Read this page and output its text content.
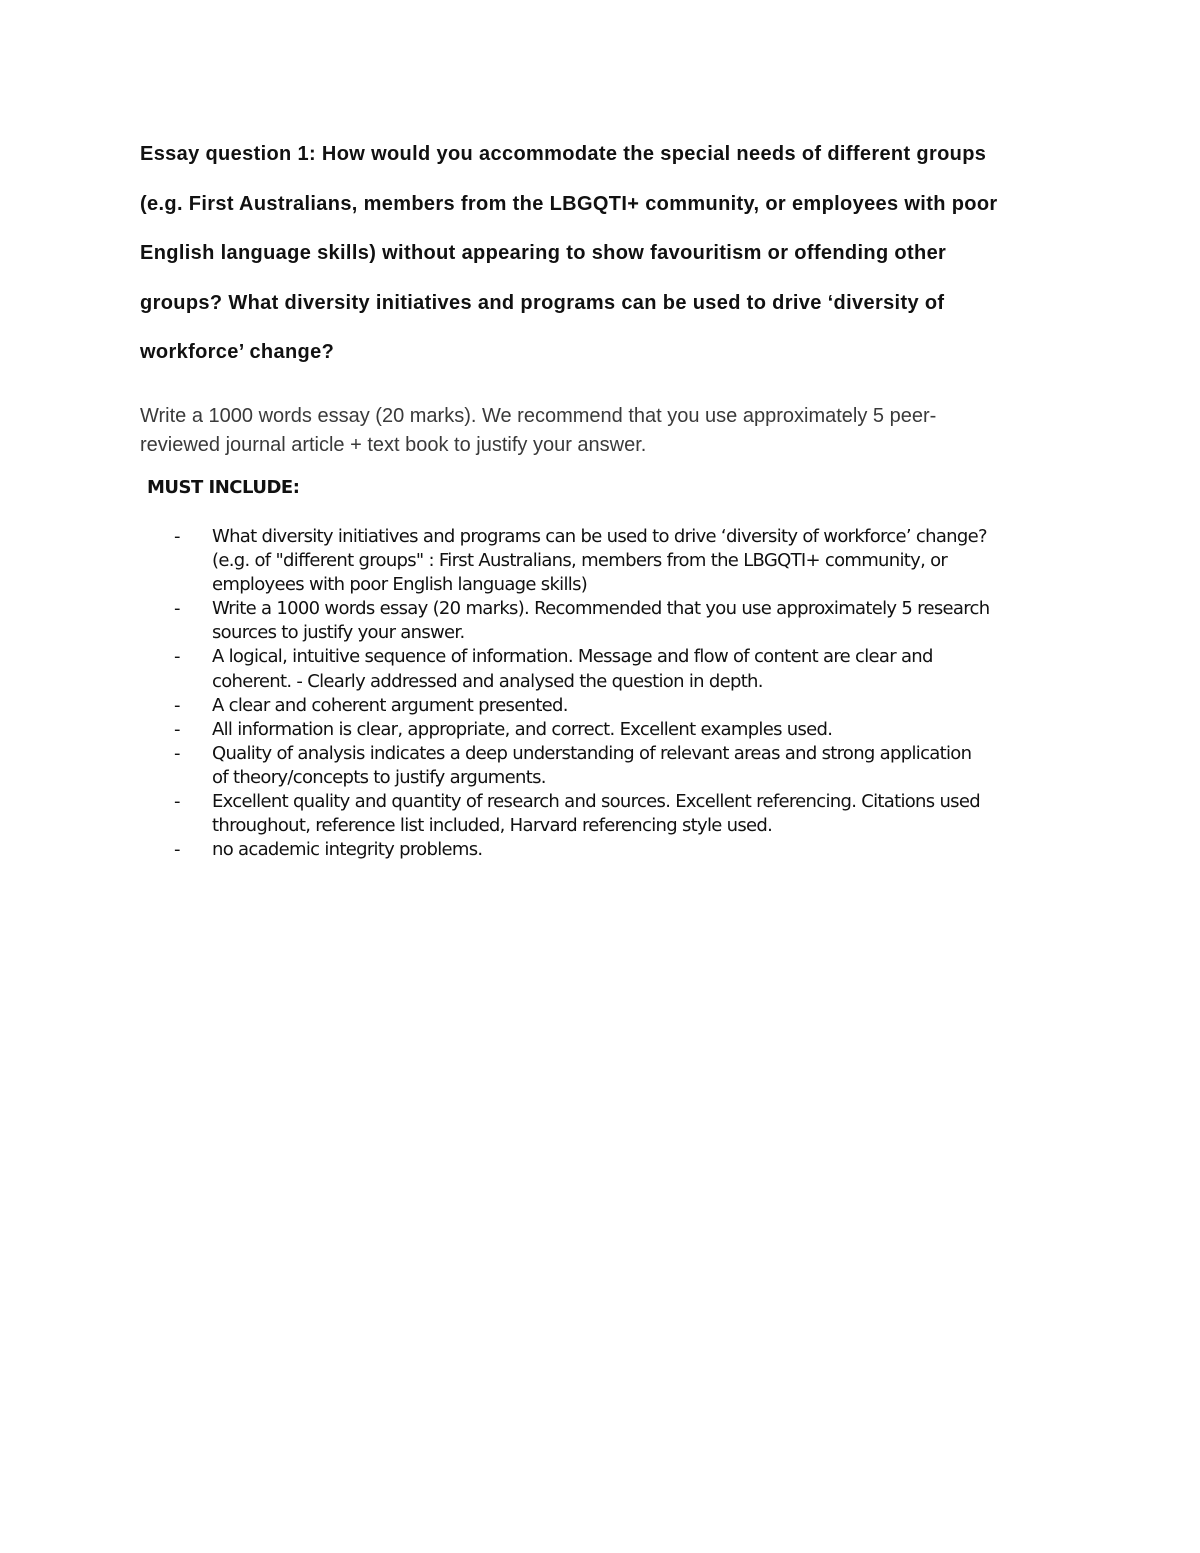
Essay question 1: How would you accommodate the special needs of different groups
(e.g. First Australians, members from the LBGQTI+ community, or employees with poor
English language skills) without appearing to show favouritism or offending other
groups? What diversity initiatives and programs can be used to drive ‘diversity of
workforce’ change?

Write a 1000 words essay (20 marks). We recommend that you use approximately 5 peer-
reviewed journal article + text book to justify your answer.

MUST INCLUDE:

- What diversity initiatives and programs can be used to drive ‘diversity of workforce’ change?
(e.g. of "different groups" : First Australians, members from the LBGQTI+ community, or
employees with poor English language skills)
- Write a 1000 words essay (20 marks). Recommended that you use approximately 5 research
sources to justify your answer.
- A logical, intuitive sequence of information. Message and flow of content are clear and
coherent. - Clearly addressed and analysed the question in depth.
- A clear and coherent argument presented.
- All information is clear, appropriate, and correct. Excellent examples used.
- Quality of analysis indicates a deep understanding of relevant areas and strong application
of theory/concepts to justify arguments.
- Excellent quality and quantity of research and sources. Excellent referencing. Citations used
throughout, reference list included, Harvard referencing style used.
- no academic integrity problems.
